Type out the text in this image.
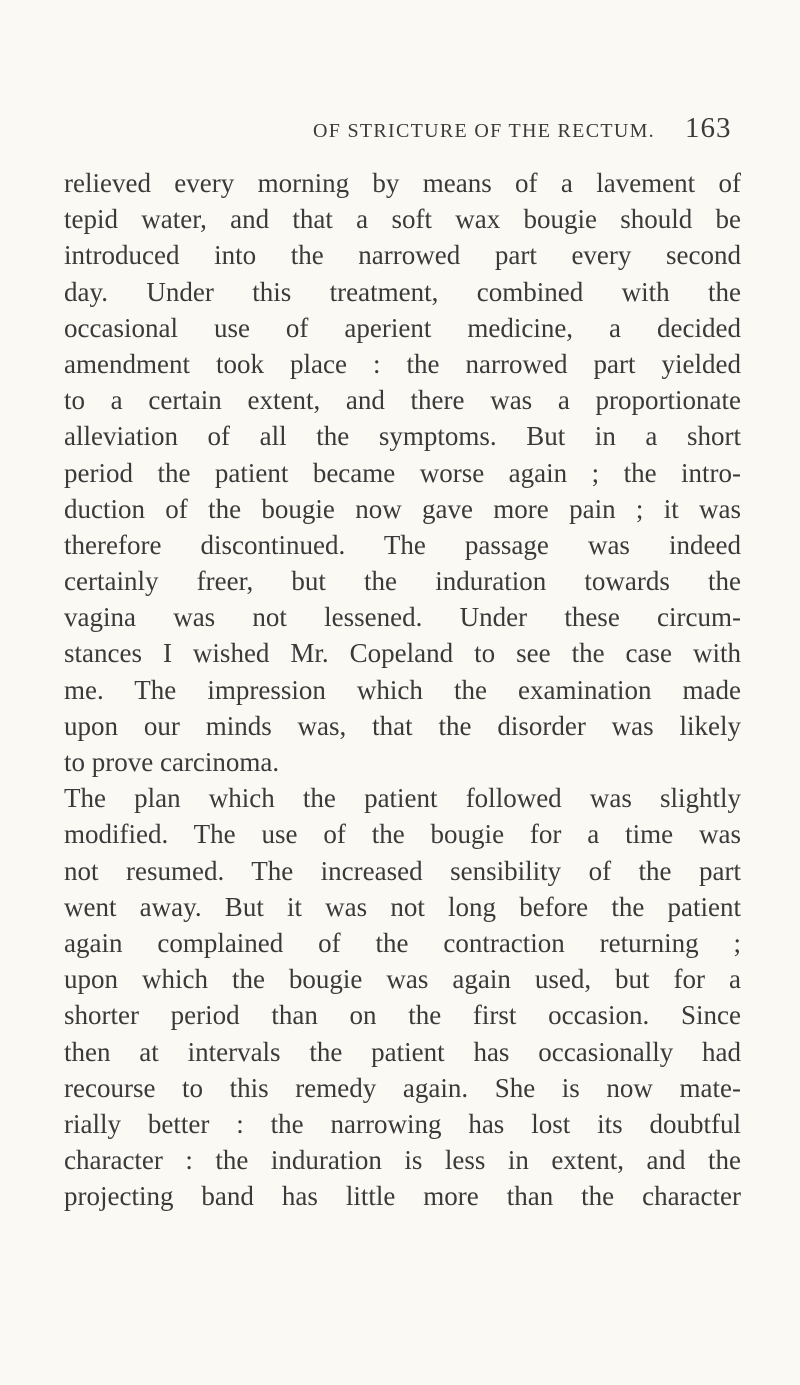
OF STRICTURE OF THE RECTUM. 163
relieved every morning by means of a lavement of
tepid water, and that a soft wax bougie should be
introduced into the narrowed part every second
day. Under this treatment, combined with the
occasional use of aperient medicine, a decided
amendment took place : the narrowed part yielded
to a certain extent, and there was a proportionate
alleviation of all the symptoms. But in a short
period the patient became worse again ; the intro-
duction of the bougie now gave more pain ; it was
therefore discontinued. The passage was indeed
certainly freer, but the induration towards the
vagina was not lessened. Under these circum-
stances I wished Mr. Copeland to see the case with
me. The impression which the examination made
upon our minds was, that the disorder was likely
to prove carcinoma.
The plan which the patient followed was slightly
modified. The use of the bougie for a time was
not resumed. The increased sensibility of the part
went away. But it was not long before the patient
again complained of the contraction returning ;
upon which the bougie was again used, but for a
shorter period than on the first occasion. Since
then at intervals the patient has occasionally had
recourse to this remedy again. She is now mate-
rially better : the narrowing has lost its doubtful
character : the induration is less in extent, and the
projecting band has little more than the character
